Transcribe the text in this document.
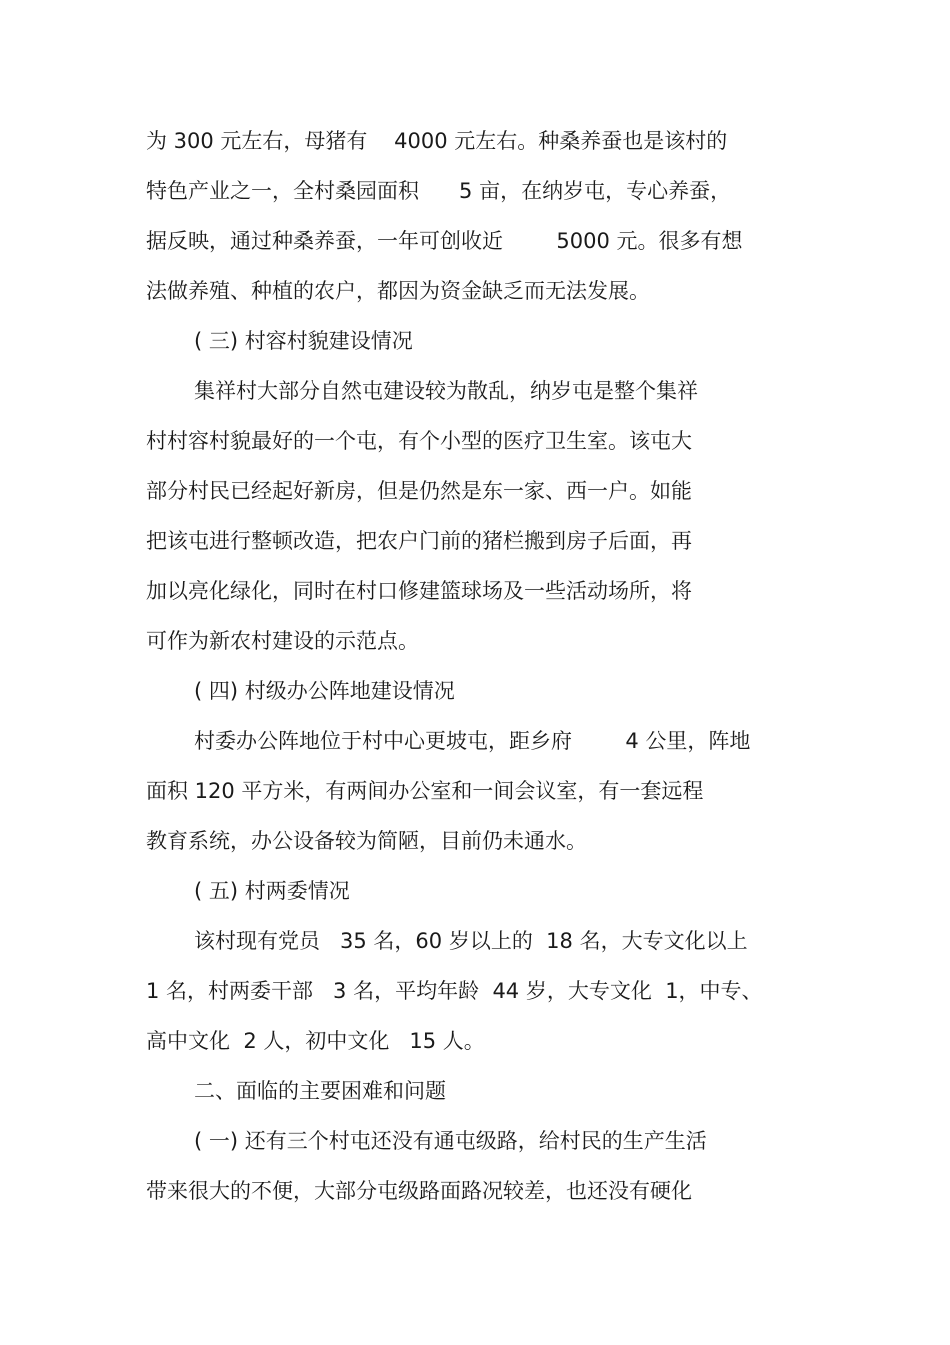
为 300 元左右，母猪有    4000 元左右。种桑养蚕也是该村的
特色产业之一，全村桑园面积      5 亩，在纳岁屯，专心养蚕，
据反映，通过种桑养蚕，一年可创收近        5000 元。很多有想
法做养殖、种植的农户，都因为资金缺乏而无法发展。
( 三) 村容村貌建设情况
集祥村大部分自然屯建设较为散乱，纳岁屯是整个集祥
村村容村貌最好的一个屯，有个小型的医疗卫生室。该屯大
部分村民已经起好新房，但是仍然是东一家、西一户。如能
把该屯进行整顿改造，把农户门前的猪栏搬到房子后面，再
加以亮化绿化，同时在村口修建篮球场及一些活动场所，将
可作为新农村建设的示范点。
( 四) 村级办公阵地建设情况
村委办公阵地位于村中心更坡屯，距乡府        4 公里，阵地
面积 120 平方米，有两间办公室和一间会议室，有一套远程
教育系统，办公设备较为简陋，目前仍未通水。
( 五) 村两委情况
该村现有党员   35 名，60 岁以上的  18 名，大专文化以上
1 名，村两委干部   3 名，平均年龄  44 岁，大专文化  1，中专、
高中文化  2 人，初中文化   15 人。
二、面临的主要困难和问题
( 一) 还有三个村屯还没有通屯级路，给村民的生产生活
带来很大的不便，大部分屯级路面路况较差，也还没有硬化
